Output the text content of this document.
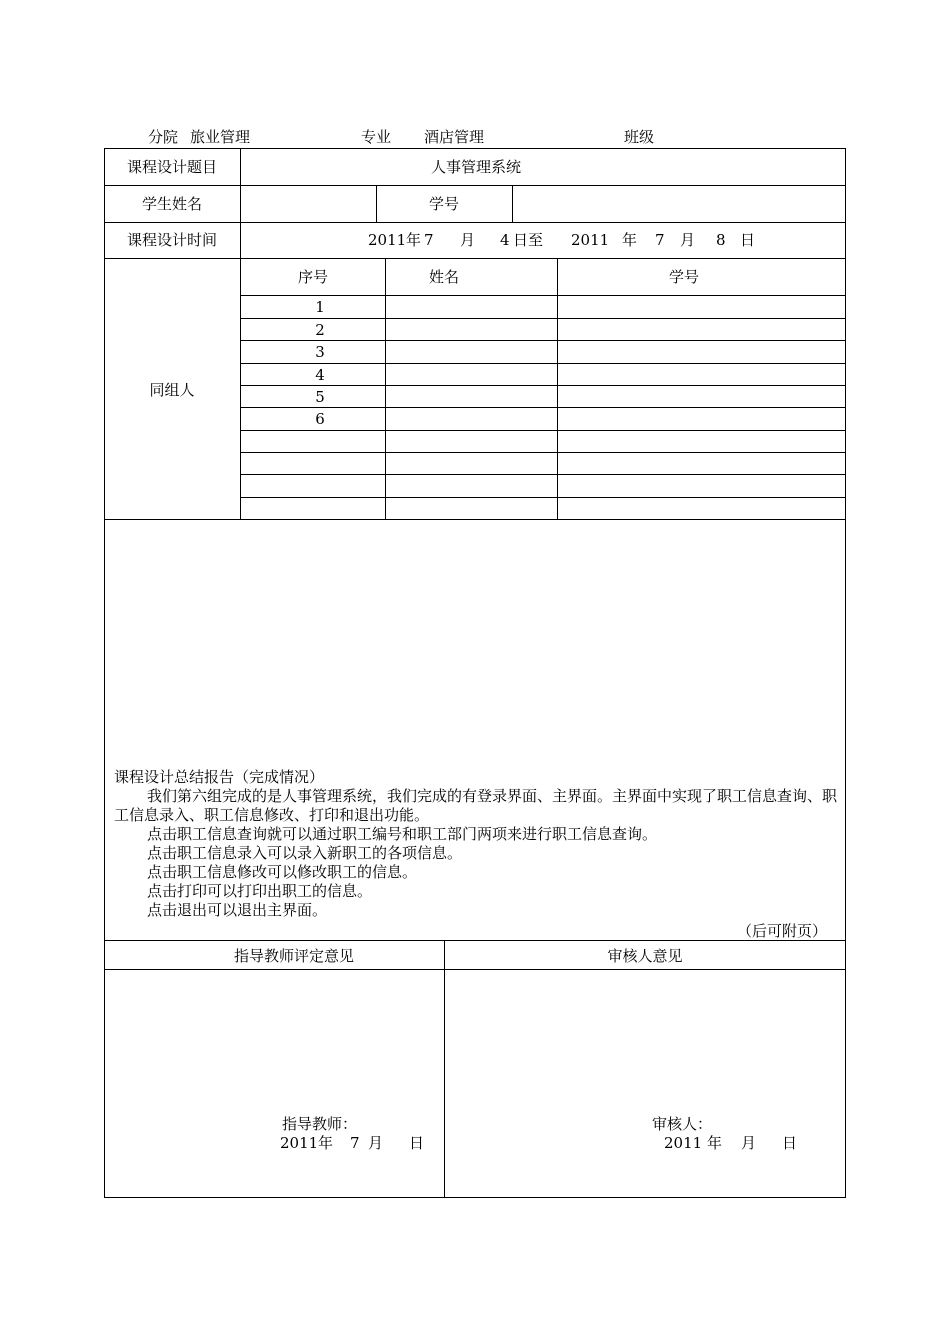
分院 旅业管理	专业 酒店管理	班级
课程设计题目	人事管理系统
学生姓名	学号
课程设计时间	2011 年 7 月 4 日至 2011 年 7 月 8 日
同组人
序号	姓名	学号
1
2
3
4
5
6

课程设计总结报告（完成情况）

我们第六组完成的是人事管理系统，我们完成的有登录界面、主界面。主界面中实现了职工信息查询、职工信息录入、职工信息修改、打印和退出功能。

点击职工信息查询就可以通过职工编号和职工部门两项来进行职工信息查询。

点击职工信息录入可以录入新职工的各项信息。

点击职工信息修改可以修改职工的信息。

点击打印可以打印出职工的信息。

点击退出可以退出主界面。

（后可附页）
指导教师评定意见	审核人意见
指导教师：
2011 年 7 月 日
审核人：
2011 年 月 日
